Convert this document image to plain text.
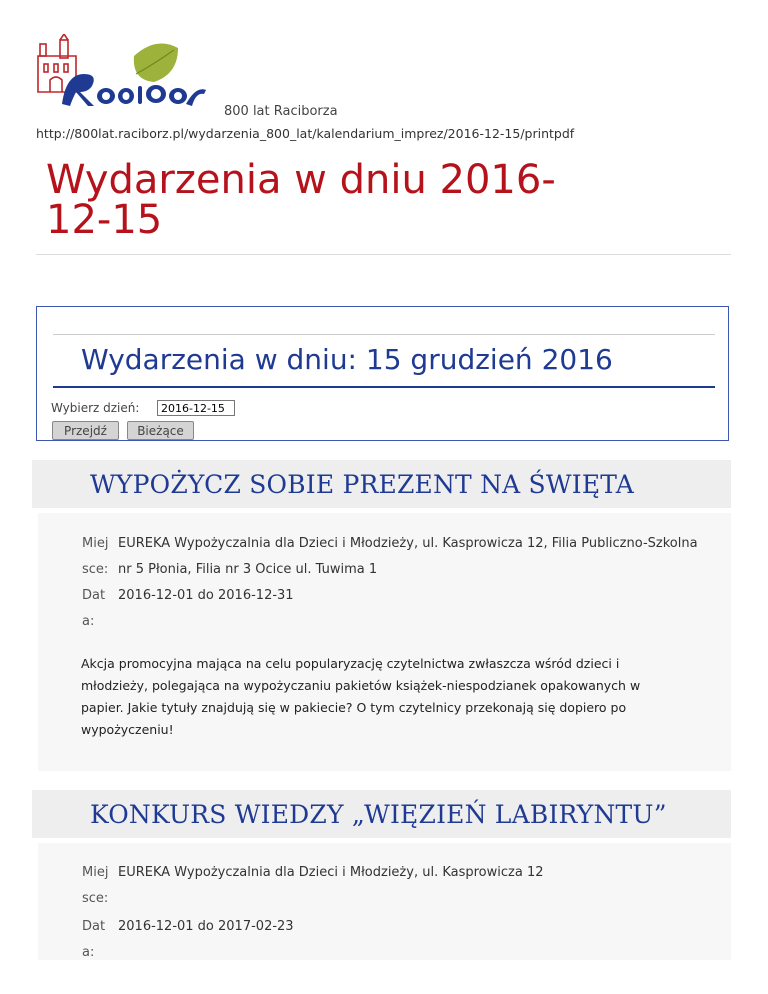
800 lat Raciborza
http://800lat.raciborz.pl/wydarzenia_800_lat/kalendarium_imprez/2016-12-15/printpdf
Wydarzenia w dniu 2016-12-15
Wydarzenia w dniu: 15 grudzień 2016
Wybierz dzień:
2016-12-15
Przejdź	Bieżące
WYPOŻYCZ SOBIE PREZENT NA ŚWIĘTA
Miejsce:
EUREKA Wypożyczalnia dla Dzieci i Młodzieży, ul. Kasprowicza 12, Filia Publiczno-Szkolna nr 5 Płonia, Filia nr 3 Ocice ul. Tuwima 1
Data:
2016-12-01 do 2016-12-31

Akcja promocyjna mająca na celu popularyzację czytelnictwa zwłaszcza wśród dzieci i młodzieży, polegająca na wypożyczaniu pakietów książek-niespodzianek opakowanych w papier. Jakie tytuły znajdują się w pakiecie? O tym czytelnicy przekonają się dopiero po wypożyczeniu!

KONKURS WIEDZY „WIĘZIEŃ LABIRYNTU”
Miejsce:
EUREKA Wypożyczalnia dla Dzieci i Młodzieży, ul. Kasprowicza 12
Data:
2016-12-01 do 2017-02-23
